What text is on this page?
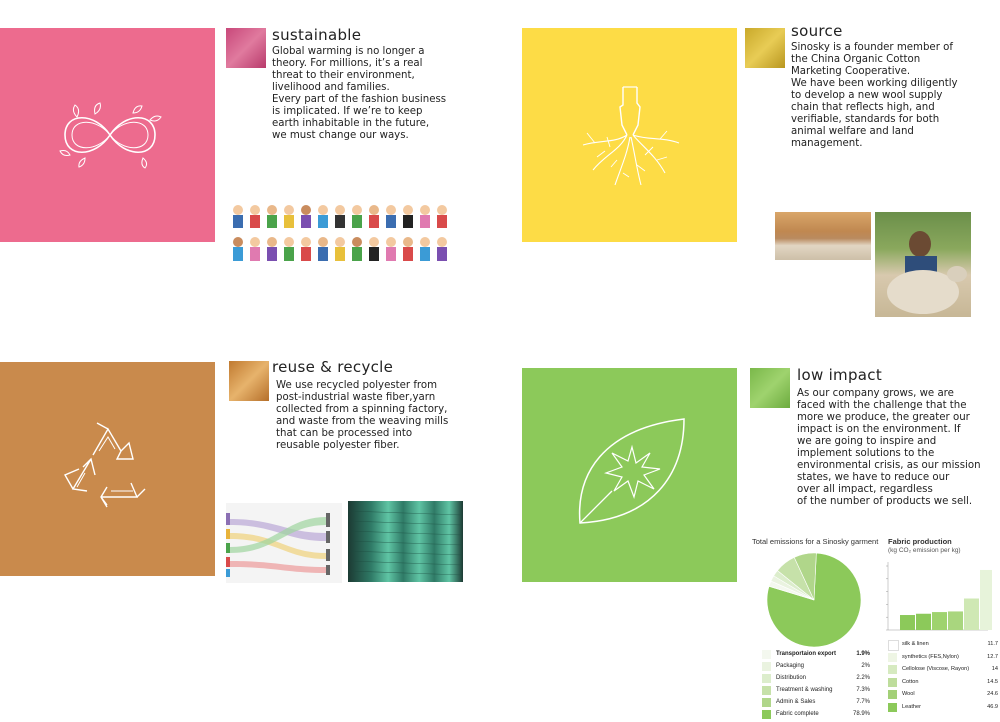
sustainable
Global warming is no longer a
theory. For millions, it’s a real
threat to their environment,
livelihood and families.
Every part of the fashion business
is implicated. If we’re to keep
earth inhabitable in the future,
we must change our ways.
source
Sinosky is a founder member of
the China Organic Cotton
Marketing Cooperative.
We have been working diligently
to develop a new wool supply
chain that reflects high, and
verifiable, standards for both
animal welfare and land
management.
reuse & recycle
We use recycled polyester from
post-industrial waste fiber,yarn
collected from a spinning factory,
and waste from the weaving mills
that can be processed into
reusable polyester fiber.
low impact
As our company grows, we are
faced with the challenge that the
more we produce, the greater our
impact is on the environment. If
we are going to inspire and
implement solutions to the
environmental crisis, as our mission
states, we have to reduce our
over all impact, regardless
of the number of products we sell.
Total emissions for a Sinosky garment
Transportaion export	1.9%
Packaging	2%
Distribution	2.2%
Treatment & washing	7.3%
Admin & Sales	7.7%
Fabric complete	78.9%
Fabric production
(kg CO₂ emission per kg)
silk & linen	11.7
synthetics (FES,Nylon)	12.7
Cellolose (Viscose, Rayon)	14
Cotton	14.5
Wool	24.6
Leather	46.9
